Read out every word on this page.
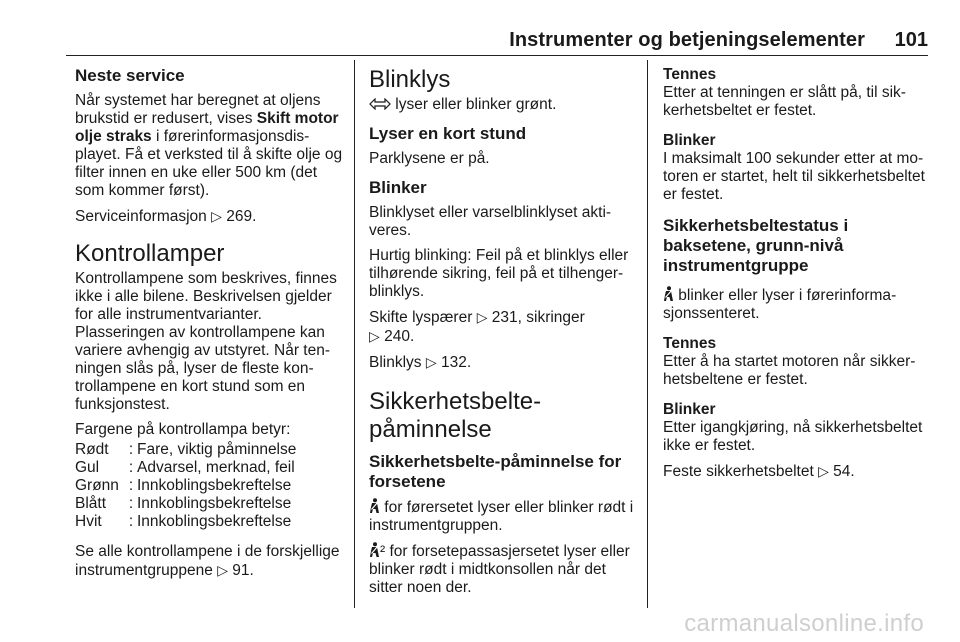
Instrumenter og betjeningselementer 101
Neste service

Når systemet har beregnet at oljens brukstid er redusert, vises Skift motor olje straks i førerinformasjonsdisplayet. Få et verksted til å skifte olje og filter innen en uke eller 500 km (det som kommer først).

Serviceinformasjon ▷ 269.

Kontrollamper

Kontrollampene som beskrives, finnes ikke i alle bilene. Beskrivelsen gjelder for alle instrumentvarianter. Plasseringen av kontrollampene kan variere avhengig av utstyret. Når tenningen slås på, lyser de fleste kontrollampene en kort stund som en funksjonstest.

Fargene på kontrollampa betyr:

Rødt	:	Fare, viktig påminnelse
Gul	:	Advarsel, merknad, feil
Grønn	:	Innkoblingsbekreftelse
Blått	:	Innkoblingsbekreftelse
Hvit	:	Innkoblingsbekreftelse

Se alle kontrollampene i de forskjellige instrumentgruppene ▷ 91.

Blinklys

lyser eller blinker grønt.

Lyser en kort stund

Parklysene er på.

Blinker

Blinklyset eller varselblinklyset aktiveres.

Hurtig blinking: Feil på et blinklys eller tilhørende sikring, feil på et tilhengerblinklys.

Skifte lyspærer ▷ 231, sikringer
▷ 240.

Blinklys ▷ 132.

Sikkerhetsbelte-
påminnelse
Sikkerhetsbelte-påminnelse for
forsetene

for førersetet lyser eller blinker rødt i instrumentgruppen.

² for forsetepassasjersetet lyser eller blinker rødt i midtkonsollen når det sitter noen der.

Tennes

Etter at tenningen er slått på, til sikkerhetsbeltet er festet.

Blinker

I maksimalt 100 sekunder etter at motoren er startet, helt til sikkerhetsbeltet er festet.

Sikkerhetsbeltestatus i
baksetene, grunn-nivå
instrumentgruppe

blinker eller lyser i førerinformasjonssenteret.

Tennes

Etter å ha startet motoren når sikkerhetsbeltene er festet.

Blinker

Etter igangkjøring, nå sikkerhetsbeltet ikke er festet.

Feste sikkerhetsbeltet ▷ 54.

carmanualsonline.info
